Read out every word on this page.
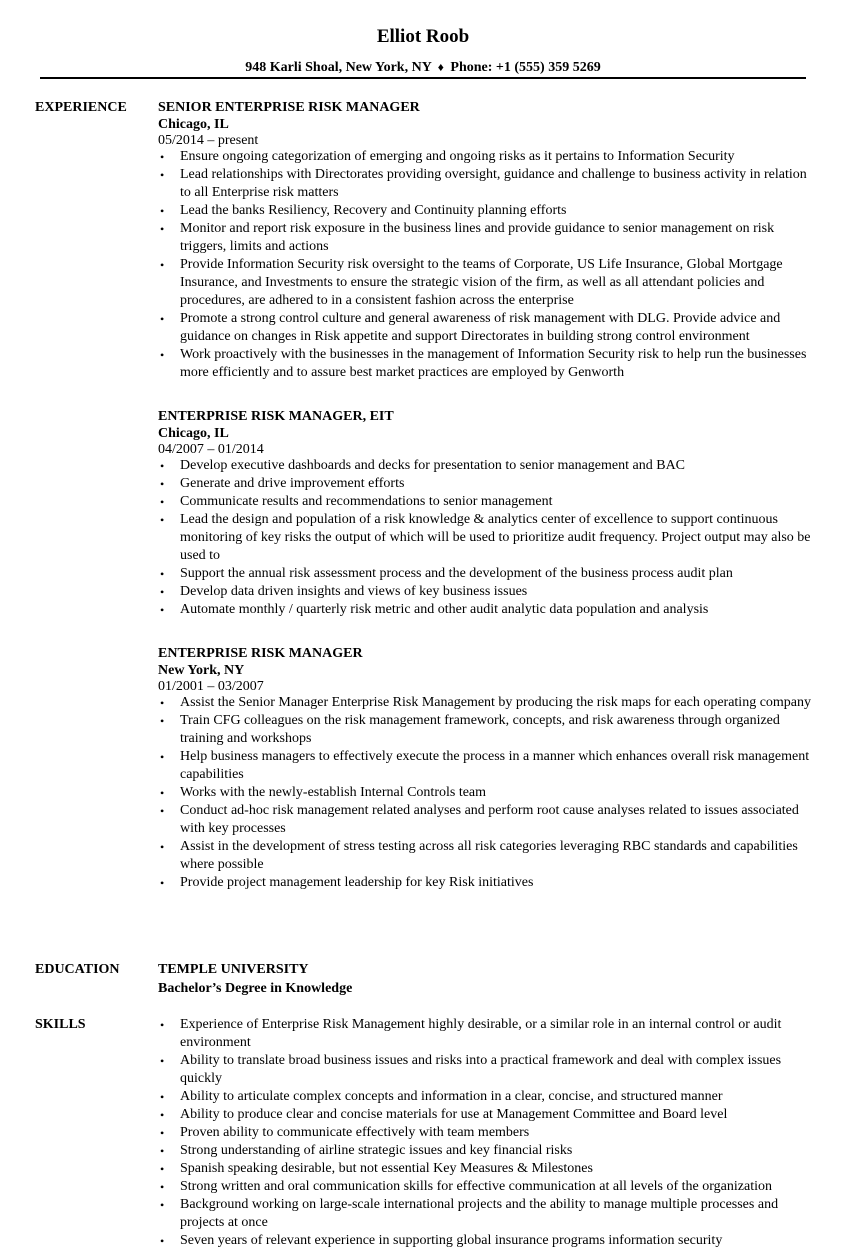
Elliot Roob
948 Karli Shoal, New York, NY ♦ Phone: +1 (555) 359 5269
EXPERIENCE SENIOR ENTERPRISE RISK MANAGER
Chicago, IL
05/2014 – present
• Ensure ongoing categorization of emerging and ongoing risks as it pertains to Information Security
• Lead relationships with Directorates providing oversight, guidance and challenge to business activity in relation to all Enterprise risk matters
• Lead the banks Resiliency, Recovery and Continuity planning efforts
• Monitor and report risk exposure in the business lines and provide guidance to senior management on risk triggers, limits and actions
• Provide Information Security risk oversight to the teams of Corporate, US Life Insurance, Global Mortgage Insurance, and Investments to ensure the strategic vision of the firm, as well as all attendant policies and procedures, are adhered to in a consistent fashion across the enterprise
• Promote a strong control culture and general awareness of risk management with DLG. Provide advice and guidance on changes in Risk appetite and support Directorates in building strong control environment
• Work proactively with the businesses in the management of Information Security risk to help run the businesses more efficiently and to assure best market practices are employed by Genworth
ENTERPRISE RISK MANAGER, EIT
Chicago, IL
04/2007 – 01/2014
• Develop executive dashboards and decks for presentation to senior management and BAC
• Generate and drive improvement efforts
• Communicate results and recommendations to senior management
• Lead the design and population of a risk knowledge & analytics center of excellence to support continuous monitoring of key risks the output of which will be used to prioritize audit frequency. Project output may also be used to
• Support the annual risk assessment process and the development of the business process audit plan
• Develop data driven insights and views of key business issues
• Automate monthly / quarterly risk metric and other audit analytic data population and analysis
ENTERPRISE RISK MANAGER
New York, NY
01/2001 – 03/2007
• Assist the Senior Manager Enterprise Risk Management by producing the risk maps for each operating company
• Train CFG colleagues on the risk management framework, concepts, and risk awareness through organized training and workshops
• Help business managers to effectively execute the process in a manner which enhances overall risk management capabilities
• Works with the newly-establish Internal Controls team
• Conduct ad-hoc risk management related analyses and perform root cause analyses related to issues associated with key processes
• Assist in the development of stress testing across all risk categories leveraging RBC standards and capabilities where possible
• Provide project management leadership for key Risk initiatives
EDUCATION	TEMPLE UNIVERSITY
Bachelor’s Degree in Knowledge
SKILLS	• Experience of Enterprise Risk Management highly desirable, or a similar role in an internal control or audit environment
• Ability to translate broad business issues and risks into a practical framework and deal with complex issues quickly
• Ability to articulate complex concepts and information in a clear, concise, and structured manner
• Ability to produce clear and concise materials for use at Management Committee and Board level
• Proven ability to communicate effectively with team members
• Strong understanding of airline strategic issues and key financial risks
• Spanish speaking desirable, but not essential Key Measures & Milestones
• Strong written and oral communication skills for effective communication at all levels of the organization
• Background working on large-scale international projects and the ability to manage multiple processes and projects at once
• Seven years of relevant experience in supporting global insurance programs information security
